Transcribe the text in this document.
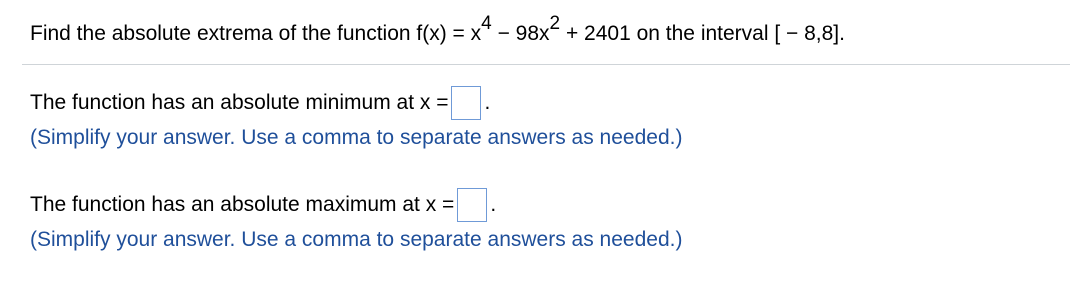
Find the absolute extrema of the function f(x) = x4 − 98x2 + 2401 on the interval [ − 8,8].
The function has an absolute minimum at x = .
(Simplify your answer. Use a comma to separate answers as needed.)
The function has an absolute maximum at x = .
(Simplify your answer. Use a comma to separate answers as needed.)
